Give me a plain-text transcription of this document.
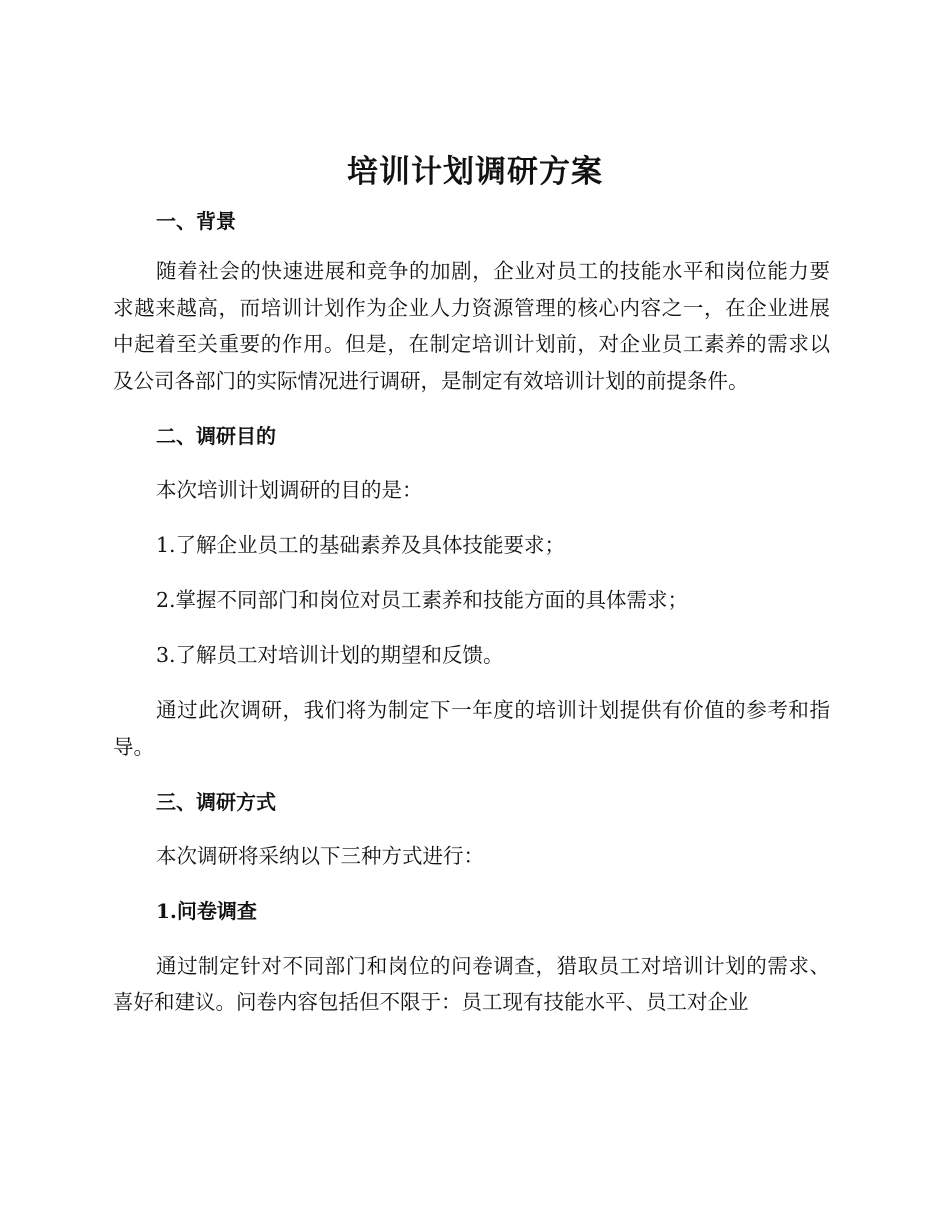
培训计划调研方案
一、背景

随着社会的快速进展和竞争的加剧，企业对员工的技能水平和岗位能力要求越来越高，而培训计划作为企业人力资源管理的核心内容之一，在企业进展中起着至关重要的作用。但是，在制定培训计划前，对企业员工素养的需求以及公司各部门的实际情况进行调研，是制定有效培训计划的前提条件。

二、调研目的

本次培训计划调研的目的是：

1.了解企业员工的基础素养及具体技能要求；

2.掌握不同部门和岗位对员工素养和技能方面的具体需求；

3.了解员工对培训计划的期望和反馈。

通过此次调研，我们将为制定下一年度的培训计划提供有价值的参考和指导。

三、调研方式

本次调研将采纳以下三种方式进行：

1.问卷调查

通过制定针对不同部门和岗位的问卷调查，猎取员工对培训计划的需求、喜好和建议。问卷内容包括但不限于：员工现有技能水平、员工对企业
